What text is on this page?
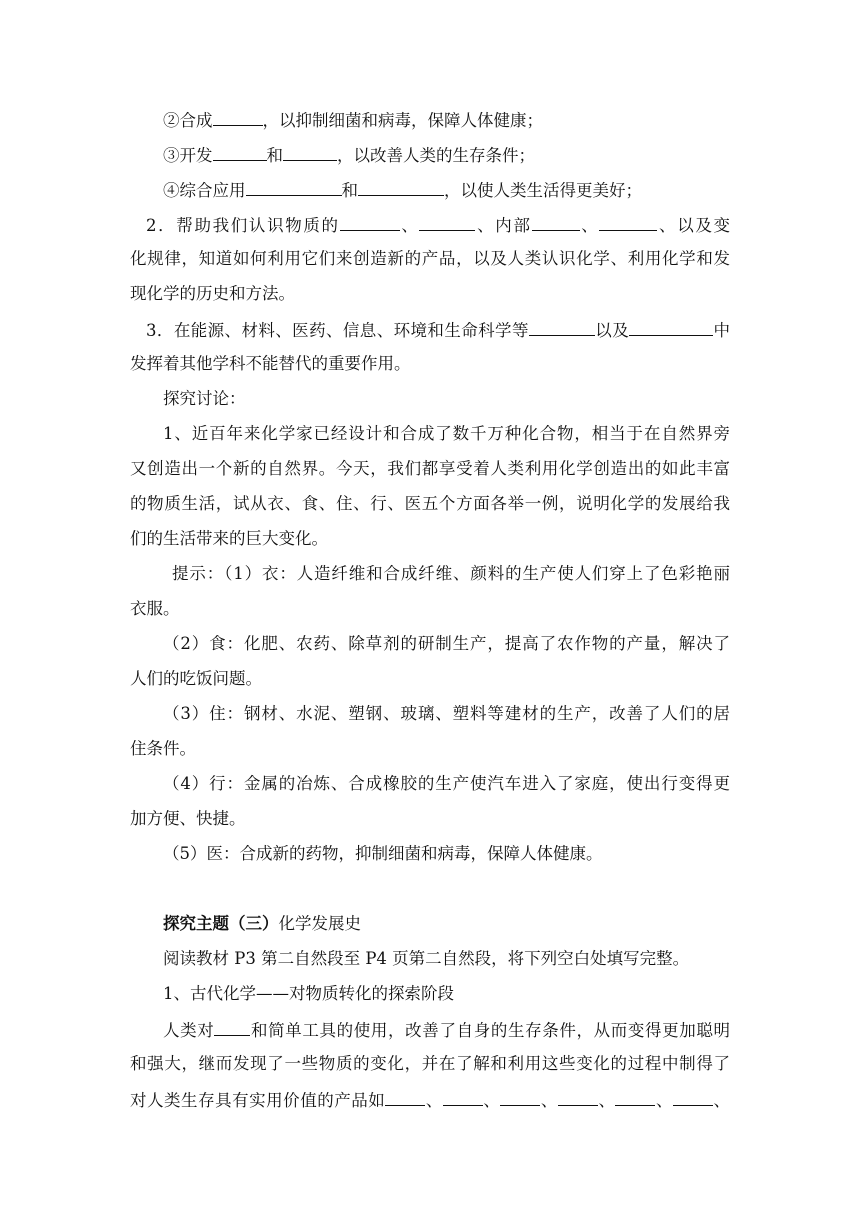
②合成	，以抑制细菌和病毒，保障人体健康；
③开发	和	，以改善人类的生存条件；
④综合应用	和	，以使人类生活得更美好；
2．帮助我们认识物质的	、	、内部	、	、以及变
化规律，知道如何利用它们来创造新的产品，以及人类认识化学、利用化学和发
现化学的历史和方法。
3．在能源、材料、医药、信息、环境和生命科学等	以及	中
发挥着其他学科不能替代的重要作用。
探究讨论：
1、近百年来化学家已经设计和合成了数千万种化合物，相当于在自然界旁
又创造出一个新的自然界。今天，我们都享受着人类利用化学创造出的如此丰富
的物质生活，试从衣、食、住、行、医五个方面各举一例，说明化学的发展给我
们的生活带来的巨大变化。
提示：（1）衣：人造纤维和合成纤维、颜料的生产使人们穿上了色彩艳丽
衣服。
（2）食：化肥、农药、除草剂的研制生产，提高了农作物的产量，解决了
人们的吃饭问题。
（3）住：钢材、水泥、塑钢、玻璃、塑料等建材的生产，改善了人们的居
住条件。
（4）行：金属的冶炼、合成橡胶的生产使汽车进入了家庭，使出行变得更
加方便、快捷。
（5）医：合成新的药物，抑制细菌和病毒，保障人体健康。
探究主题（三）化学发展史
阅读教材 P3 第二自然段至 P4 页第二自然段，将下列空白处填写完整。
1、古代化学——对物质转化的探索阶段
人类对 和简单工具的使用，改善了自身的生存条件，从而变得更加聪明
和强大，继而发现了一些物质的变化，并在了解和利用这些变化的过程中制得了
对人类生存具有实用价值的产品如 、 、 、 、 、 、
